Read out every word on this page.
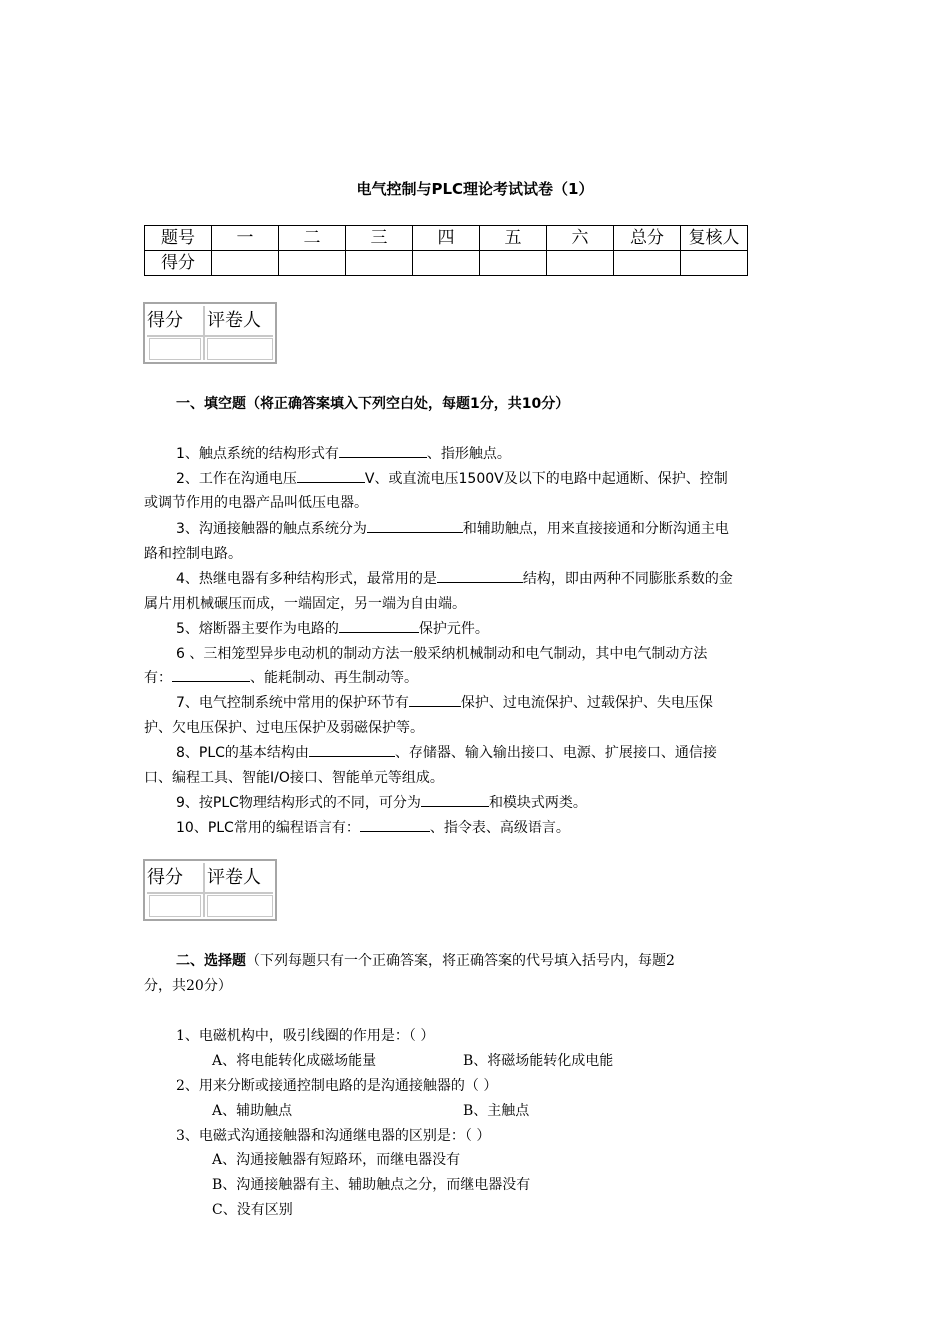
电气控制与PLC理论考试试卷（1）
题号	一	二	三	四	五	六	总分	复核人
得分								
得分 评卷人
一、填空题（将正确答案填入下列空白处，每题1分，共10分）
1、触点系统的结构形式有	、指形触点。
2、工作在沟通电压	V、或直流电压1500V及以下的电路中起通断、保护、控制
或调节作用的电器产品叫低压电器。
3、沟通接触器的触点系统分为	和辅助触点，用来直接接通和分断沟通主电
路和控制电路。
4、热继电器有多种结构形式，最常用的是	结构，即由两种不同膨胀系数的金
属片用机械碾压而成，一端固定，另一端为自由端。
5、熔断器主要作为电路的	保护元件。
6 、三相笼型异步电动机的制动方法一般采纳机械制动和电气制动，其中电气制动方法
有：	、能耗制动、再生制动等。
7、电气控制系统中常用的保护环节有	保护、过电流保护、过载保护、失电压保
护、欠电压保护、过电压保护及弱磁保护等。
8、PLC的基本结构由	、存储器、输入输出接口、电源、扩展接口、通信接
口、编程工具、智能I/O接口、智能单元等组成。
9、按PLC物理结构形式的不同，可分为	和模块式两类。
10、PLC常用的编程语言有：	、指令表、高级语言。
得分 评卷人
二、选择题（下列每题只有一个正确答案，将正确答案的代号填入括号内，每题2
分，共20分）
1、电磁机构中，吸引线圈的作用是：（ ）
A、将电能转化成磁场能量	B、将磁场能转化成电能
2、用来分断或接通控制电路的是沟通接触器的（ ）
A、辅助触点	B、主触点
3、电磁式沟通接触器和沟通继电器的区别是：（ ）
A、沟通接触器有短路环，而继电器没有
B、沟通接触器有主、辅助触点之分，而继电器没有
C、没有区别
